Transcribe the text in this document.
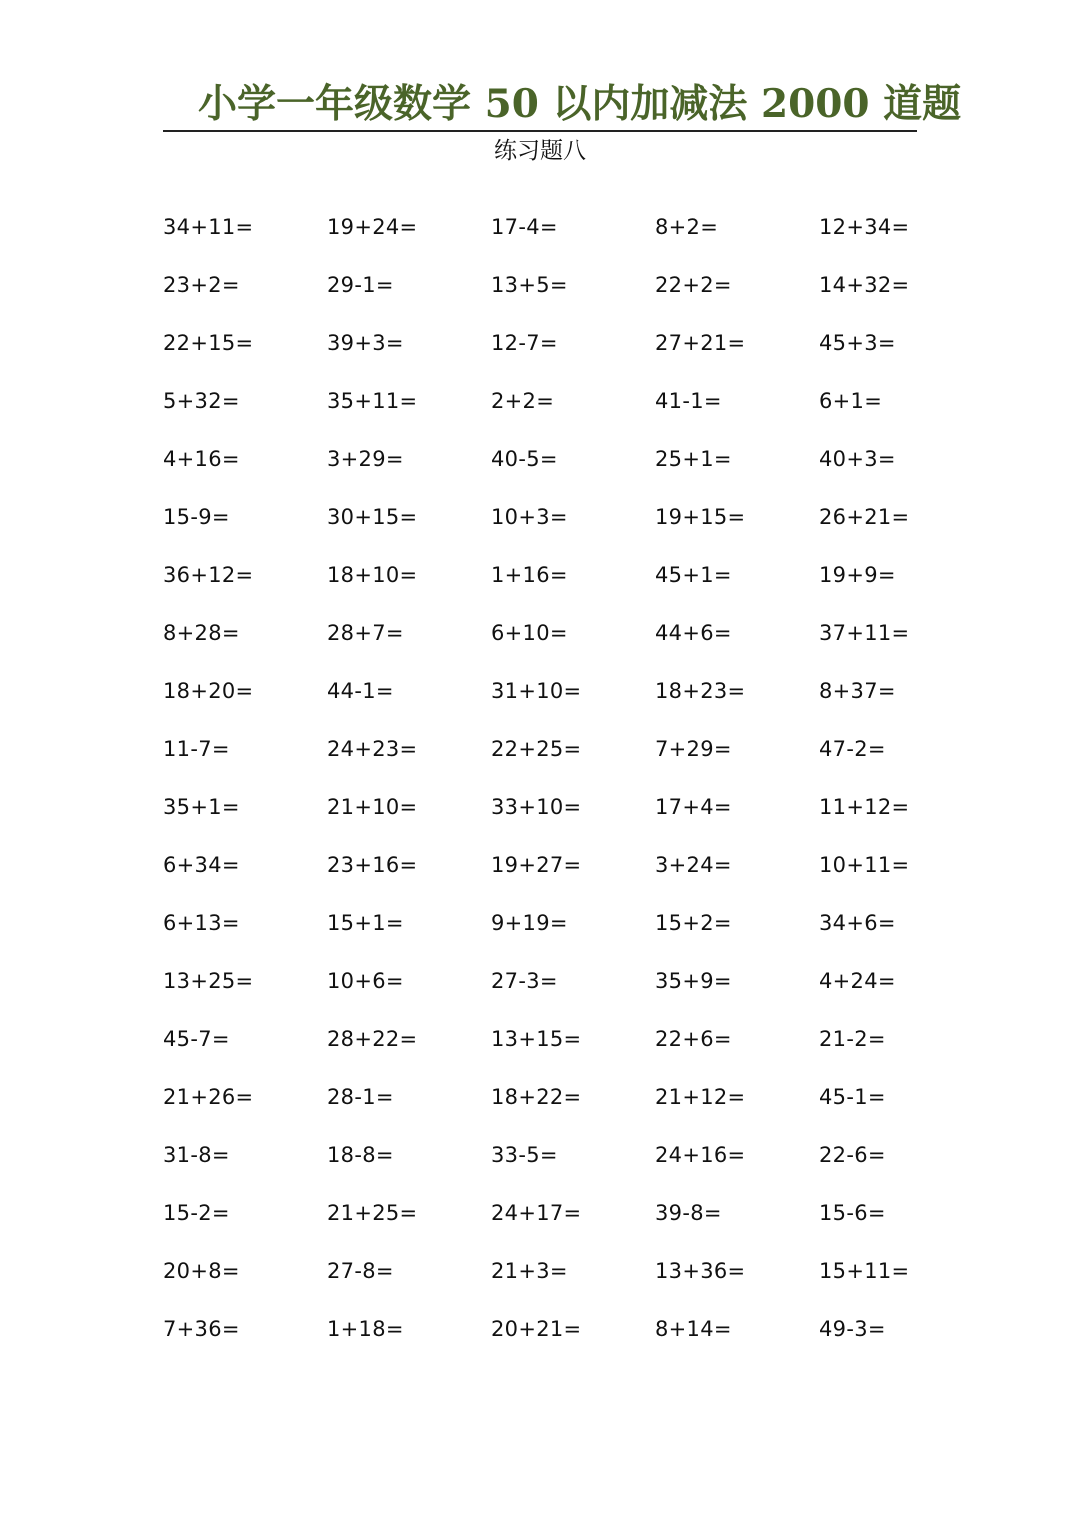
小学一年级数学 50 以内加减法 2000 道题
练习题八
34+11=	19+24=	17-4=	8+2=	12+34=
23+2=	29-1=	13+5=	22+2=	14+32=
22+15=	39+3=	12-7=	27+21=	45+3=
5+32=	35+11=	2+2=	41-1=	6+1=
4+16=	3+29=	40-5=	25+1=	40+3=
15-9=	30+15=	10+3=	19+15=	26+21=
36+12=	18+10=	1+16=	45+1=	19+9=
8+28=	28+7=	6+10=	44+6=	37+11=
18+20=	44-1=	31+10=	18+23=	8+37=
11-7=	24+23=	22+25=	7+29=	47-2=
35+1=	21+10=	33+10=	17+4=	11+12=
6+34=	23+16=	19+27=	3+24=	10+11=
6+13=	15+1=	9+19=	15+2=	34+6=
13+25=	10+6=	27-3=	35+9=	4+24=
45-7=	28+22=	13+15=	22+6=	21-2=
21+26=	28-1=	18+22=	21+12=	45-1=
31-8=	18-8=	33-5=	24+16=	22-6=
15-2=	21+25=	24+17=	39-8=	15-6=
20+8=	27-8=	21+3=	13+36=	15+11=
7+36=	1+18=	20+21=	8+14=	49-3=
